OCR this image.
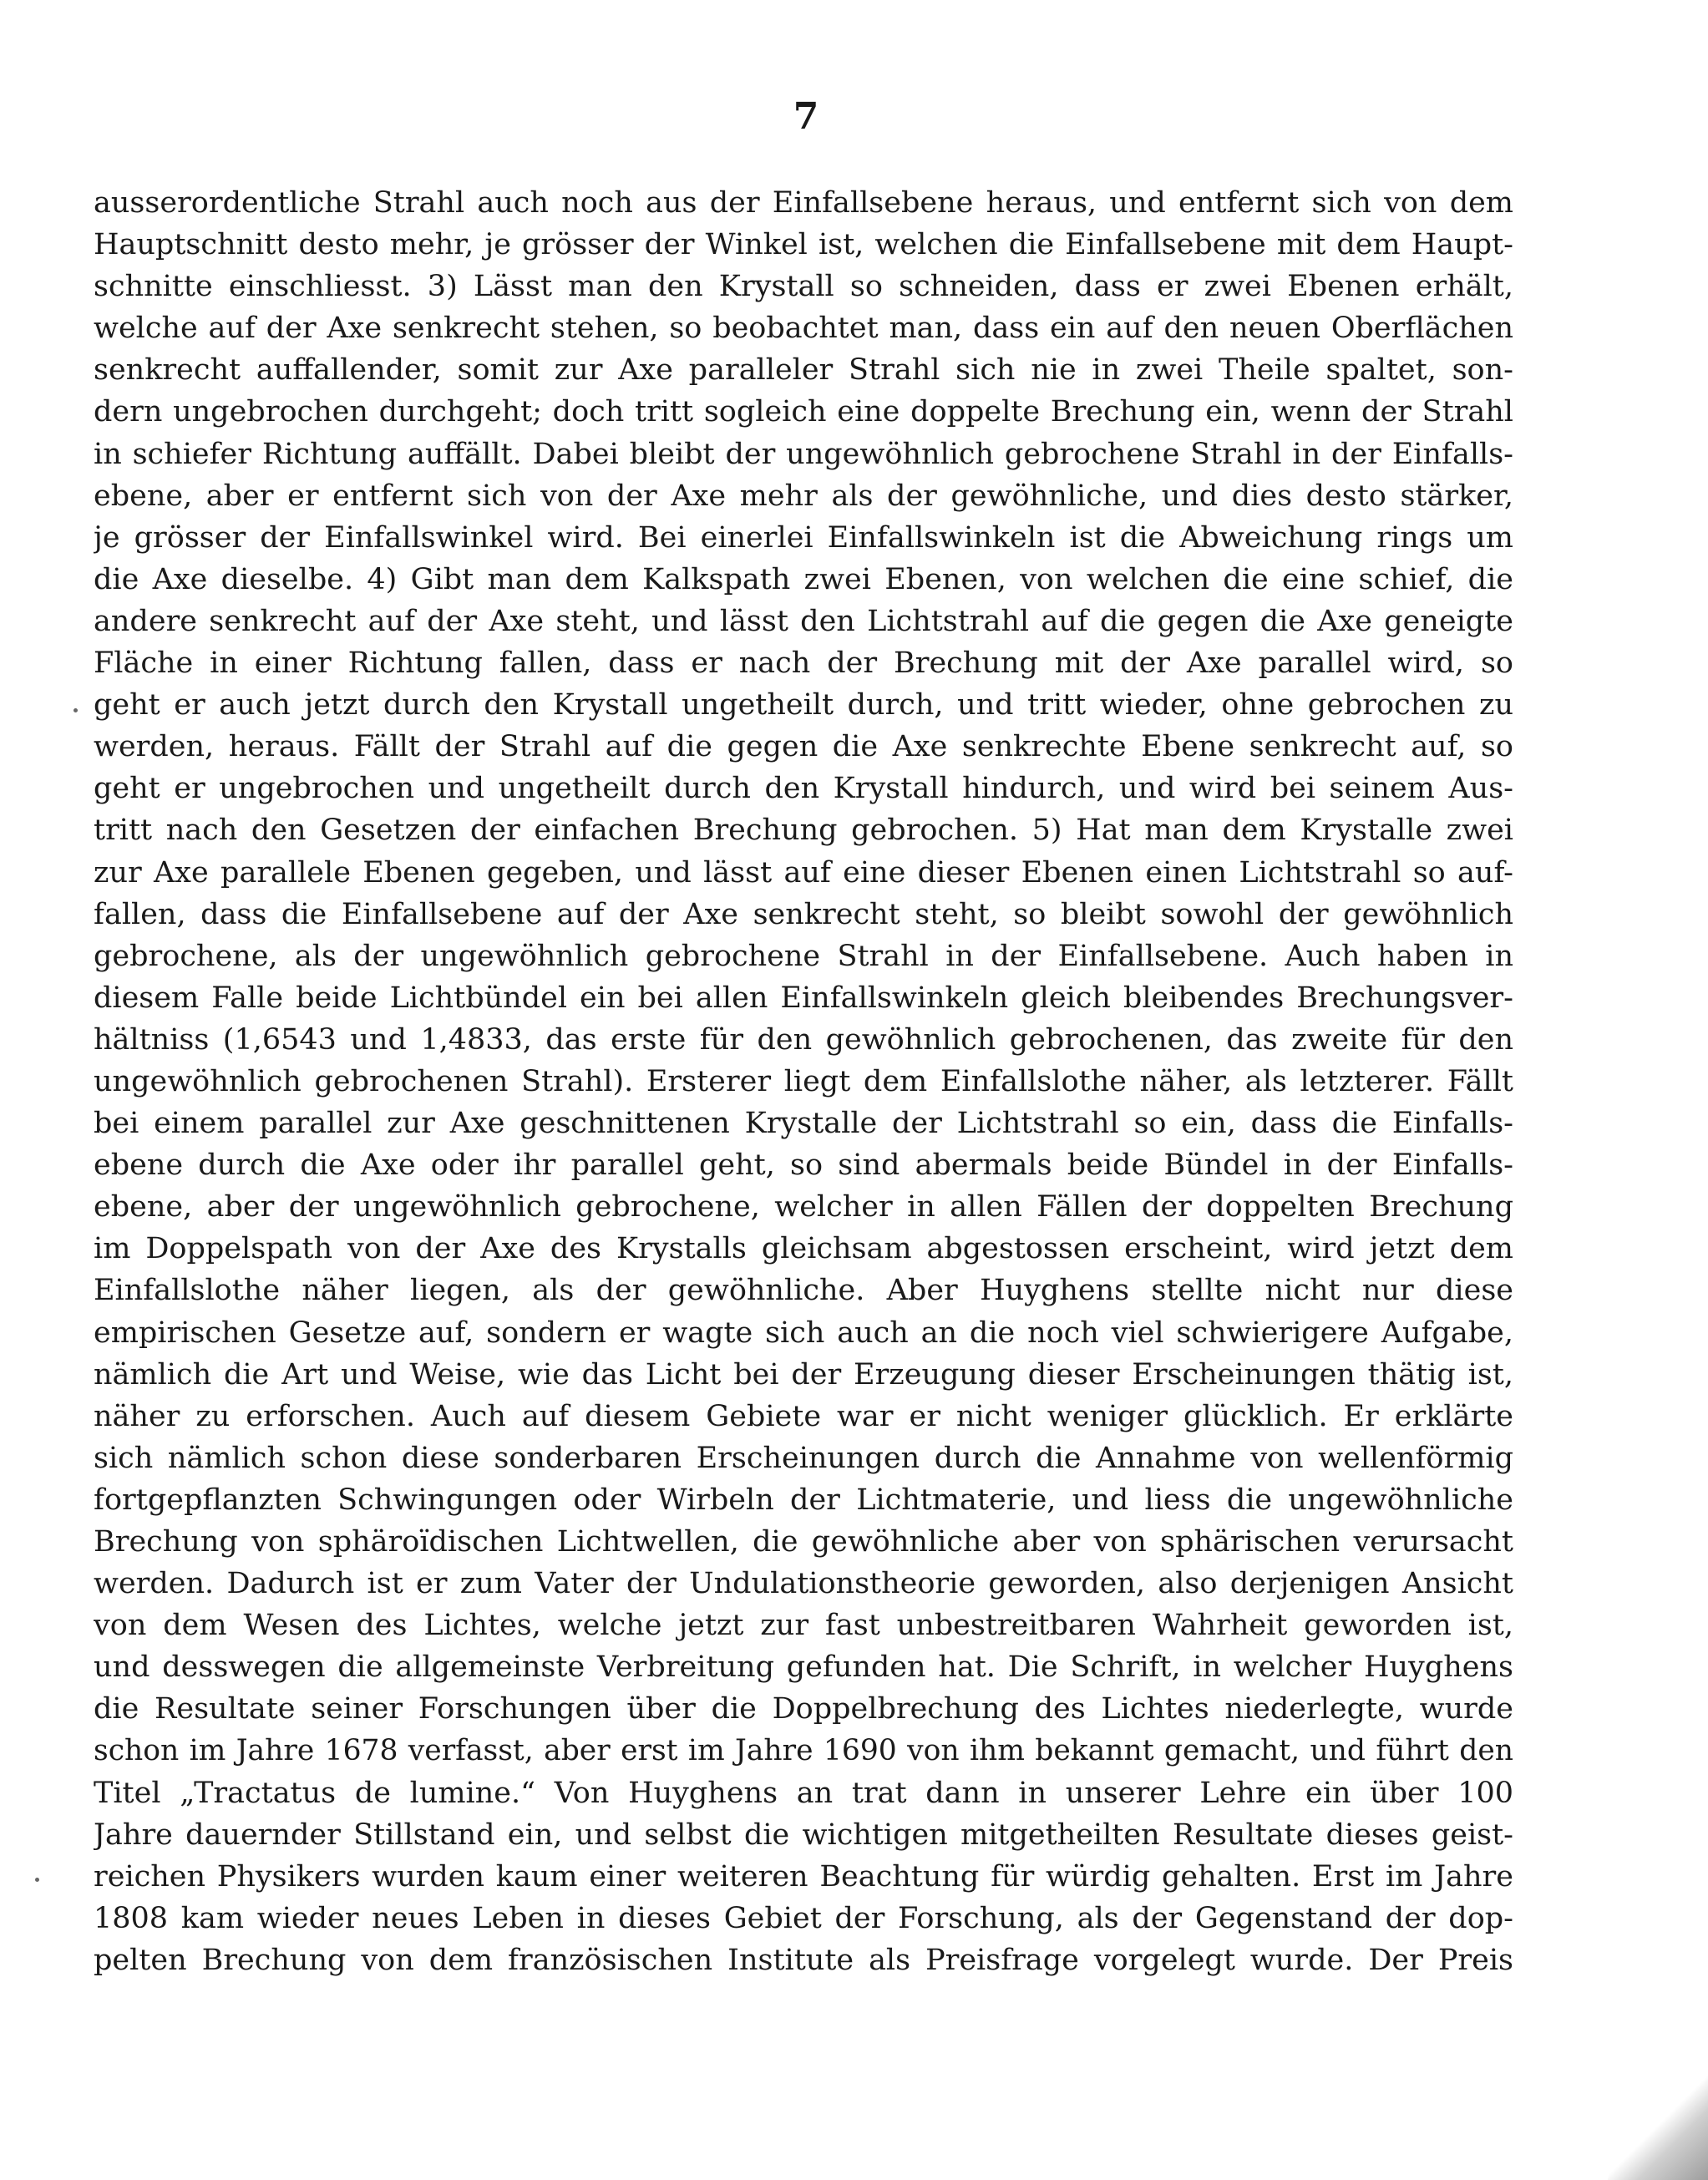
7
ausserordentliche Strahl auch noch aus der Einfallsebene heraus, und entfernt sich von dem
Hauptschnitt desto mehr, je grösser der Winkel ist, welchen die Einfallsebene mit dem Haupt-
schnitte einschliesst. 3) Lässt man den Krystall so schneiden, dass er zwei Ebenen erhält,
welche auf der Axe senkrecht stehen, so beobachtet man, dass ein auf den neuen Oberflächen
senkrecht auffallender, somit zur Axe paralleler Strahl sich nie in zwei Theile spaltet, son-
dern ungebrochen durchgeht; doch tritt sogleich eine doppelte Brechung ein, wenn der Strahl
in schiefer Richtung auffällt. Dabei bleibt der ungewöhnlich gebrochene Strahl in der Einfalls-
ebene, aber er entfernt sich von der Axe mehr als der gewöhnliche, und dies desto stärker,
je grösser der Einfallswinkel wird. Bei einerlei Einfallswinkeln ist die Abweichung rings um
die Axe dieselbe. 4) Gibt man dem Kalkspath zwei Ebenen, von welchen die eine schief, die
andere senkrecht auf der Axe steht, und lässt den Lichtstrahl auf die gegen die Axe geneigte
Fläche in einer Richtung fallen, dass er nach der Brechung mit der Axe parallel wird, so
geht er auch jetzt durch den Krystall ungetheilt durch, und tritt wieder, ohne gebrochen zu
werden, heraus. Fällt der Strahl auf die gegen die Axe senkrechte Ebene senkrecht auf, so
geht er ungebrochen und ungetheilt durch den Krystall hindurch, und wird bei seinem Aus-
tritt nach den Gesetzen der einfachen Brechung gebrochen. 5) Hat man dem Krystalle zwei
zur Axe parallele Ebenen gegeben, und lässt auf eine dieser Ebenen einen Lichtstrahl so auf-
fallen, dass die Einfallsebene auf der Axe senkrecht steht, so bleibt sowohl der gewöhnlich
gebrochene, als der ungewöhnlich gebrochene Strahl in der Einfallsebene. Auch haben in
diesem Falle beide Lichtbündel ein bei allen Einfallswinkeln gleich bleibendes Brechungsver-
hältniss (1,6543 und 1,4833, das erste für den gewöhnlich gebrochenen, das zweite für den
ungewöhnlich gebrochenen Strahl). Ersterer liegt dem Einfallslothe näher, als letzterer. Fällt
bei einem parallel zur Axe geschnittenen Krystalle der Lichtstrahl so ein, dass die Einfalls-
ebene durch die Axe oder ihr parallel geht, so sind abermals beide Bündel in der Einfalls-
ebene, aber der ungewöhnlich gebrochene, welcher in allen Fällen der doppelten Brechung
im Doppelspath von der Axe des Krystalls gleichsam abgestossen erscheint, wird jetzt dem
Einfallslothe näher liegen, als der gewöhnliche. Aber Huyghens stellte nicht nur diese
empirischen Gesetze auf, sondern er wagte sich auch an die noch viel schwierigere Aufgabe,
nämlich die Art und Weise, wie das Licht bei der Erzeugung dieser Erscheinungen thätig ist,
näher zu erforschen. Auch auf diesem Gebiete war er nicht weniger glücklich. Er erklärte
sich nämlich schon diese sonderbaren Erscheinungen durch die Annahme von wellenförmig
fortgepflanzten Schwingungen oder Wirbeln der Lichtmaterie, und liess die ungewöhnliche
Brechung von sphäroïdischen Lichtwellen, die gewöhnliche aber von sphärischen verursacht
werden. Dadurch ist er zum Vater der Undulationstheorie geworden, also derjenigen Ansicht
von dem Wesen des Lichtes, welche jetzt zur fast unbestreitbaren Wahrheit geworden ist,
und desswegen die allgemeinste Verbreitung gefunden hat. Die Schrift, in welcher Huyghens
die Resultate seiner Forschungen über die Doppelbrechung des Lichtes niederlegte, wurde
schon im Jahre 1678 verfasst, aber erst im Jahre 1690 von ihm bekannt gemacht, und führt den
Titel „Tractatus de lumine.“ Von Huyghens an trat dann in unserer Lehre ein über 100
Jahre dauernder Stillstand ein, und selbst die wichtigen mitgetheilten Resultate dieses geist-
reichen Physikers wurden kaum einer weiteren Beachtung für würdig gehalten. Erst im Jahre
1808 kam wieder neues Leben in dieses Gebiet der Forschung, als der Gegenstand der dop-
pelten Brechung von dem französischen Institute als Preisfrage vorgelegt wurde. Der Preis
